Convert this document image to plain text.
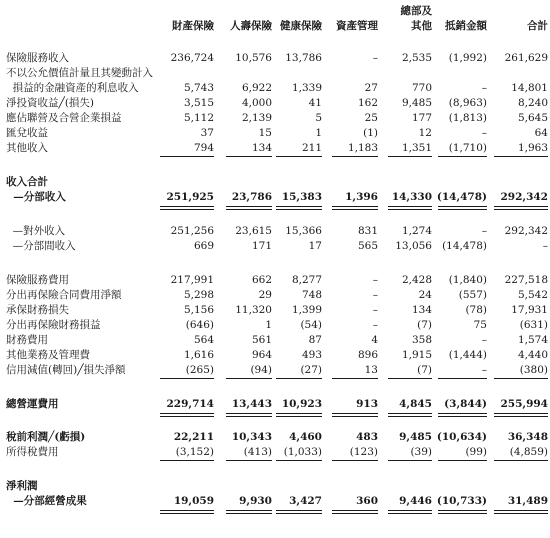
財產保險	人壽保險 健康保險	資產管理
總部及
其他	抵銷金額	合計
保險服務收入	236,724	10,576	13,786	–	2,535	(1,992)	261,629
不以公允價值計量且其變動計入
損益的金融資產的利息收入	5,743	6,922	1,339	27	770	–	14,801
淨投資收益╱(損失)	3,515	4,000	41	162	9,485	(8,963)	8,240
應佔聯營及合營企業損益	5,112	2,139	5	25	177	(1,813)	5,645
匯兌收益	37	15	1	(1)	12	–	64
其他收入	794	134	211	1,183	1,351	(1,710)	1,963
收入合計
—分部收入	251,925	23,786 15,383	1,396	14,330 (14,478)	292,342
—對外收入	251,256	23,615	15,366	831	1,274	–	292,342
—分部間收入	669	171	17	565	13,056 (14,478)	–
保險服務費用	217,991	662	8,277	–	2,428	(1,840)	227,518
分出再保險合同費用淨額	5,298	29	748	–	24	(557)	5,542
承保財務損失	5,156	11,320	1,399	–	134	(78)	17,931
分出再保險財務損益	(646)	1	(54)	–	(7)	75	(631)
財務費用	564	561	87	4	358	–	1,574
其他業務及管理費	1,616	964	493	896	1,915	(1,444)	4,440
信用減值(轉回)╱損失淨額	(265)	(94)	(27)	13	(7)	–	(380)
總營運費用	229,714	13,443 10,923	913	4,845	(3,844)	255,994
稅前利潤╱(虧損)	22,211	10,343	4,460	483	9,485 (10,634)	36,348
所得稅費用	(3,152)	(413)	(1,033)	(123)	(39)	(99)	(4,859)
淨利潤
—分部經營成果	19,059	9,930	3,427	360	9,446 (10,733)	31,489
